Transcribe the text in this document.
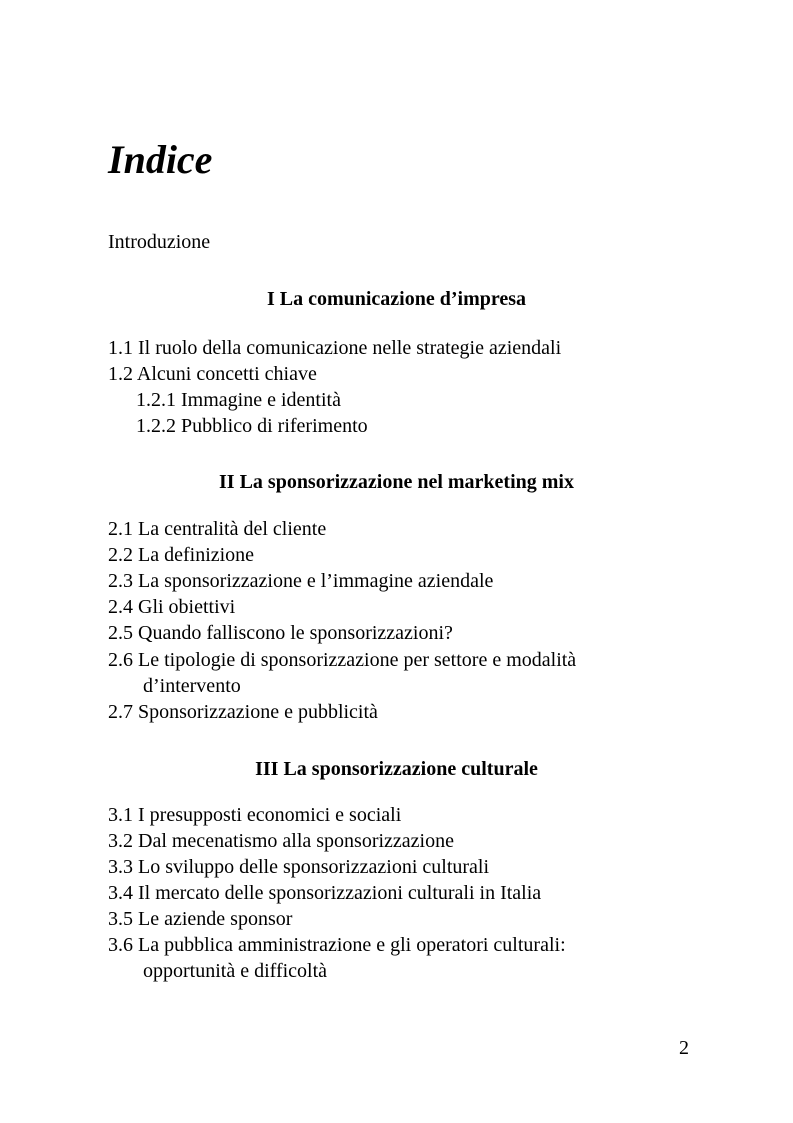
Indice
Introduzione
I La comunicazione d’impresa
1.1 Il ruolo della comunicazione nelle strategie aziendali
1.2 Alcuni concetti chiave
1.2.1 Immagine e identità
1.2.2 Pubblico di riferimento
II La sponsorizzazione nel marketing mix
2.1 La centralità del cliente
2.2 La definizione
2.3 La sponsorizzazione e l’immagine aziendale
2.4 Gli obiettivi
2.5 Quando falliscono le sponsorizzazioni?
2.6 Le tipologie di sponsorizzazione per settore e modalità
d’intervento
2.7 Sponsorizzazione e pubblicità
III La sponsorizzazione culturale
3.1 I presupposti economici e sociali
3.2 Dal mecenatismo alla sponsorizzazione
3.3 Lo sviluppo delle sponsorizzazioni culturali
3.4 Il mercato delle sponsorizzazioni culturali in Italia
3.5 Le aziende sponsor
3.6 La pubblica amministrazione e gli operatori culturali:
opportunità e difficoltà
2
